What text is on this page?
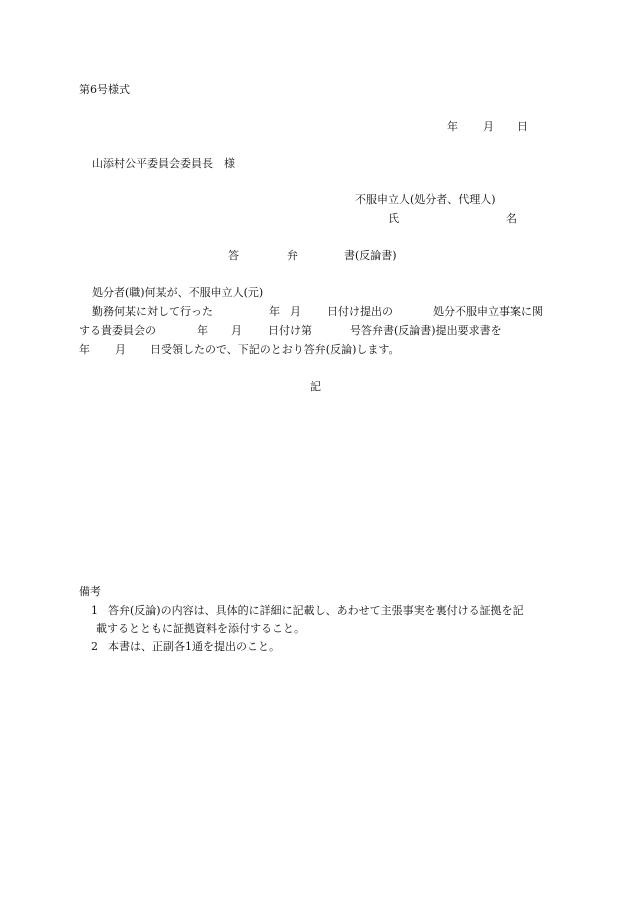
第6号様式
年 月 日
山添村公平委員会委員長　様
不服申立人(処分者、代理人)
氏	名
答	弁	書(反論書)
処分者(職)何某が、不服申立人(元)
勤務何某に対して行った	年 月 日付け提出の	処分不服申立事案に関
する貴委員会の	年 月 日付け第	号答弁書(反論書)提出要求書を
年 月 日受領したので、下記のとおり答弁(反論)します。
記
備考
1 答弁(反論)の内容は、具体的に詳細に記載し、あわせて主張事実を裏付ける証拠を記
載するとともに証拠資料を添付すること。
2 本書は、正副各1通を提出のこと。
